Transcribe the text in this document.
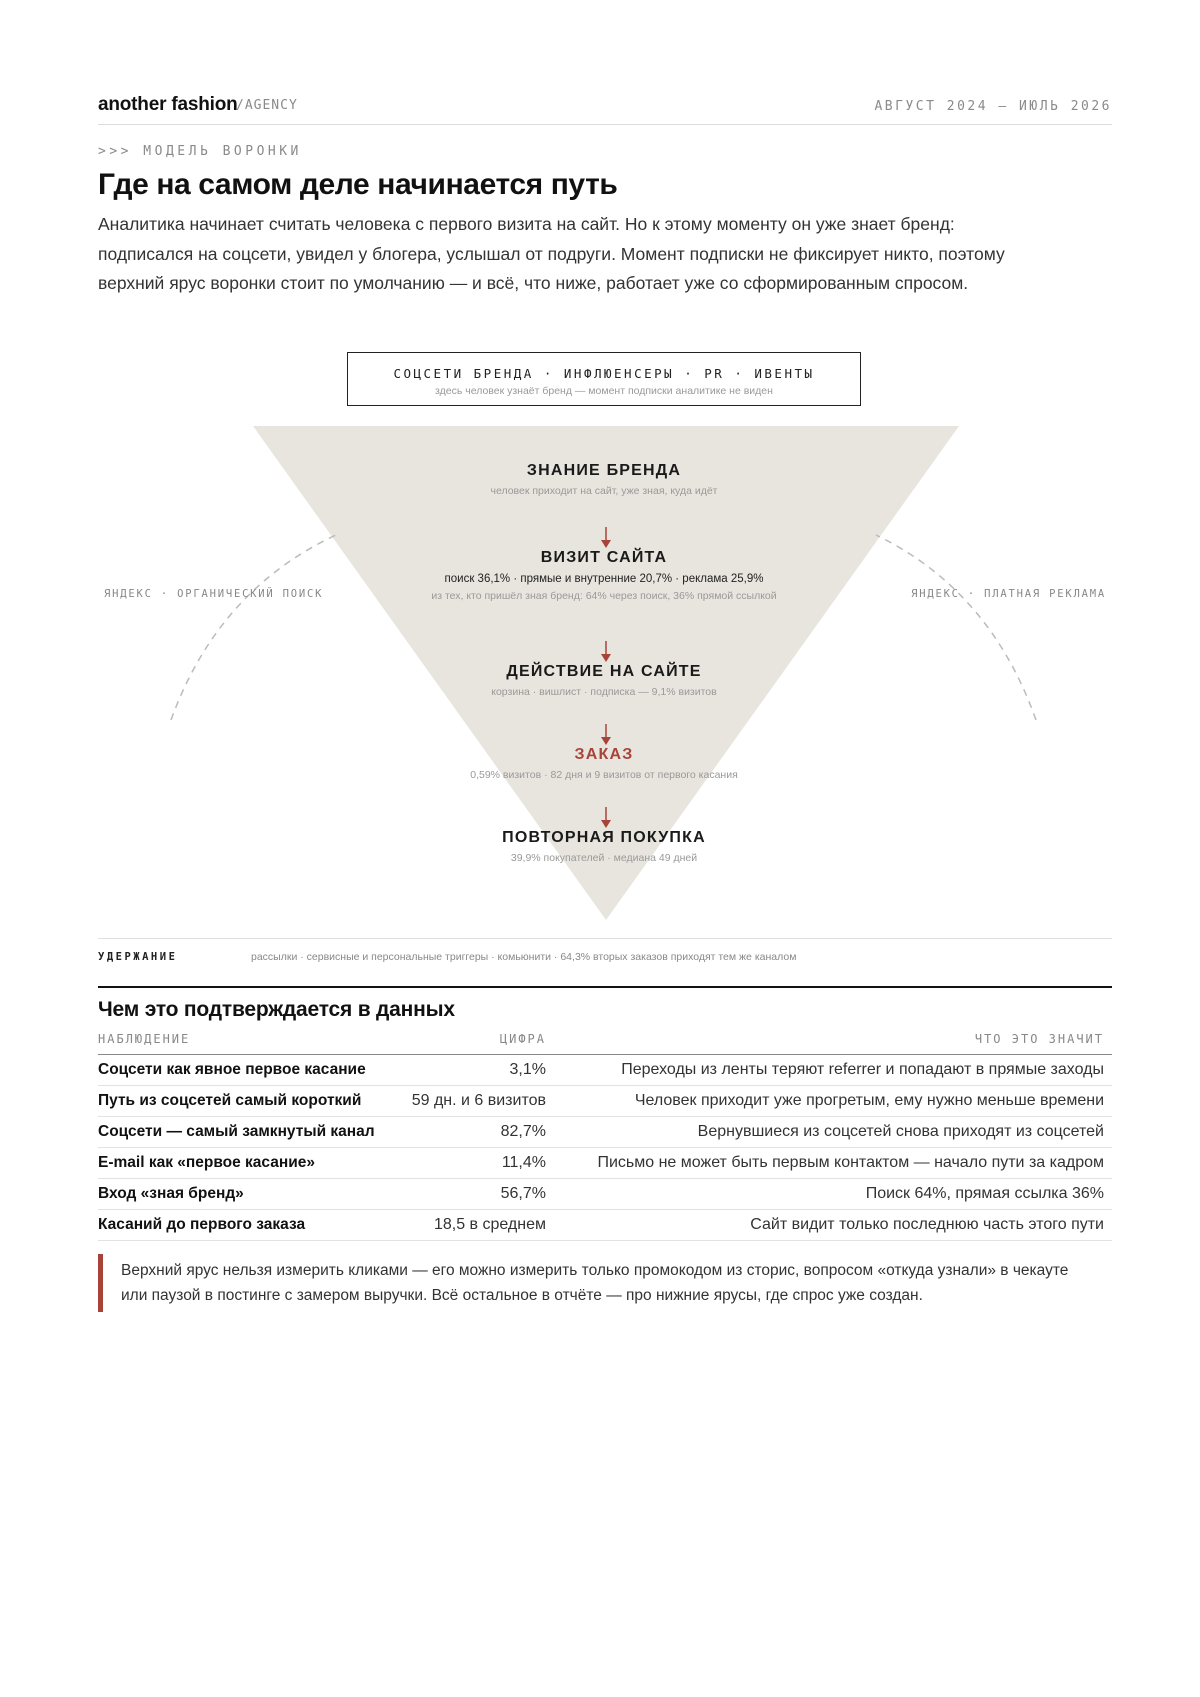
another fashion
/AGENCY	АВГУСТ 2024 — ИЮЛЬ 2026
>>> МОДЕЛЬ ВОРОНКИ
Где на самом деле начинается путь

Аналитика начинает считать человека с первого визита на сайт. Но к этому моменту он уже знает бренд: подписался на соцсети, увидел у блогера, услышал от подруги. Момент подписки не фиксирует никто, поэтому верхний ярус воронки стоит по умолчанию — и всё, что ниже, работает уже со сформированным спросом.

СОЦСЕТИ БРЕНДА · ИНФЛЮЕНСЕРЫ · PR · ИВЕНТЫ
здесь человек узнаёт бренд — момент подписки аналитике не виден
ЯНДЕКС · ОРГАНИЧЕСКИЙ ПОИСК	ЯНДЕКС · ПЛАТНАЯ РЕКЛАМА
ЗНАНИЕ БРЕНДА
человек приходит на сайт, уже зная, куда идёт
ВИЗИТ САЙТА
поиск 36,1% · прямые и внутренние 20,7% · реклама 25,9%
из тех, кто пришёл зная бренд: 64% через поиск, 36% прямой ссылкой
ДЕЙСТВИЕ НА САЙТЕ
корзина · вишлист · подписка — 9,1% визитов
ЗАКАЗ
0,59% визитов · 82 дня и 9 визитов от первого касания
ПОВТОРНАЯ ПОКУПКА
39,9% покупателей · медиана 49 дней
УДЕРЖАНИЕ	рассылки · сервисные и персональные триггеры · комьюнити · 64,3% вторых заказов приходят тем же каналом
Чем это подтверждается в данных
НАБЛЮДЕНИЕ	ЦИФРА	ЧТО ЭТО ЗНАЧИТ
Соцсети как явное первое касание	3,1%	Переходы из ленты теряют referrer и попадают в прямые заходы
Путь из соцсетей самый короткий	59 дн. и 6 визитов	Человек приходит уже прогретым, ему нужно меньше времени
Соцсети — самый замкнутый канал	82,7%	Вернувшиеся из соцсетей снова приходят из соцсетей
E-mail как «первое касание»	11,4%	Письмо не может быть первым контактом — начало пути за кадром
Вход «зная бренд»	56,7%	Поиск 64%, прямая ссылка 36%
Касаний до первого заказа	18,5 в среднем	Сайт видит только последнюю часть этого пути

Верхний ярус нельзя измерить кликами — его можно измерить только промокодом из сторис, вопросом «откуда узнали» в чекауте или паузой в постинге с замером выручки. Всё остальное в отчёте — про нижние ярусы, где спрос уже создан.
